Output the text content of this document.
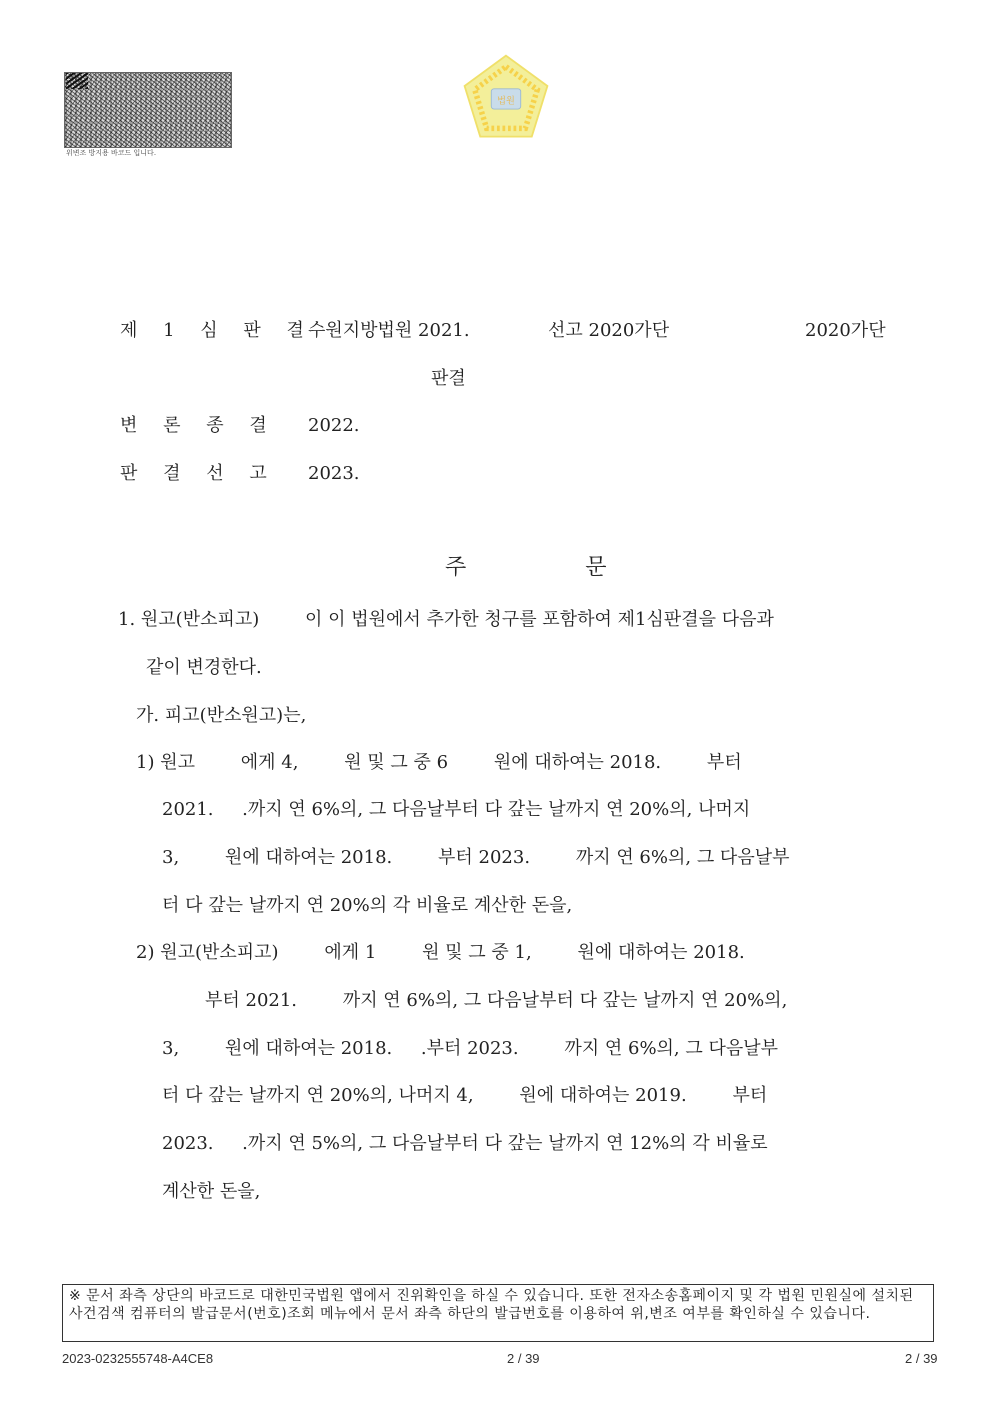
위변조 방지용 바코드 입니다.
법원
제 1 심 판 결
수원지방법원 2021.	선고 2020가단	2020가단
판결
변 론 종 결 2022.
판 결 선 고 2023.
주 문
1. 원고(반소피고)        이 이 법원에서 추가한 청구를 포함하여 제1심판결을 다음과
같이 변경한다.
가. 피고(반소원고)는,
1) 원고        에게 4,        원 및 그 중 6        원에 대하여는 2018.        부터
2021.     .까지 연 6%의, 그 다음날부터 다 갚는 날까지 연 20%의, 나머지
3,        원에 대하여는 2018.        부터 2023.        까지 연 6%의, 그 다음날부
터 다 갚는 날까지 연 20%의 각 비율로 계산한 돈을,
2) 원고(반소피고)        에게 1        원 및 그 중 1,        원에 대하여는 2018.
부터 2021.        까지 연 6%의, 그 다음날부터 다 갚는 날까지 연 20%의,
3,        원에 대하여는 2018.     .부터 2023.        까지 연 6%의, 그 다음날부
터 다 갚는 날까지 연 20%의, 나머지 4,        원에 대하여는 2019.        부터
2023.     .까지 연 5%의, 그 다음날부터 다 갚는 날까지 연 12%의 각 비율로
계산한 돈을,
※ 문서 좌측 상단의 바코드로 대한민국법원 앱에서 진위확인을 하실 수 있습니다. 또한 전자소송홈페이지 및 각 법원 민원실에 설치된 사건검색 컴퓨터의 발급문서(번호)조회 메뉴에서 문서 좌측 하단의 발급번호를 이용하여 위,변조 여부를 확인하실 수 있습니다.
2023-0232555748-A4CE8	2 / 39	2 / 39
